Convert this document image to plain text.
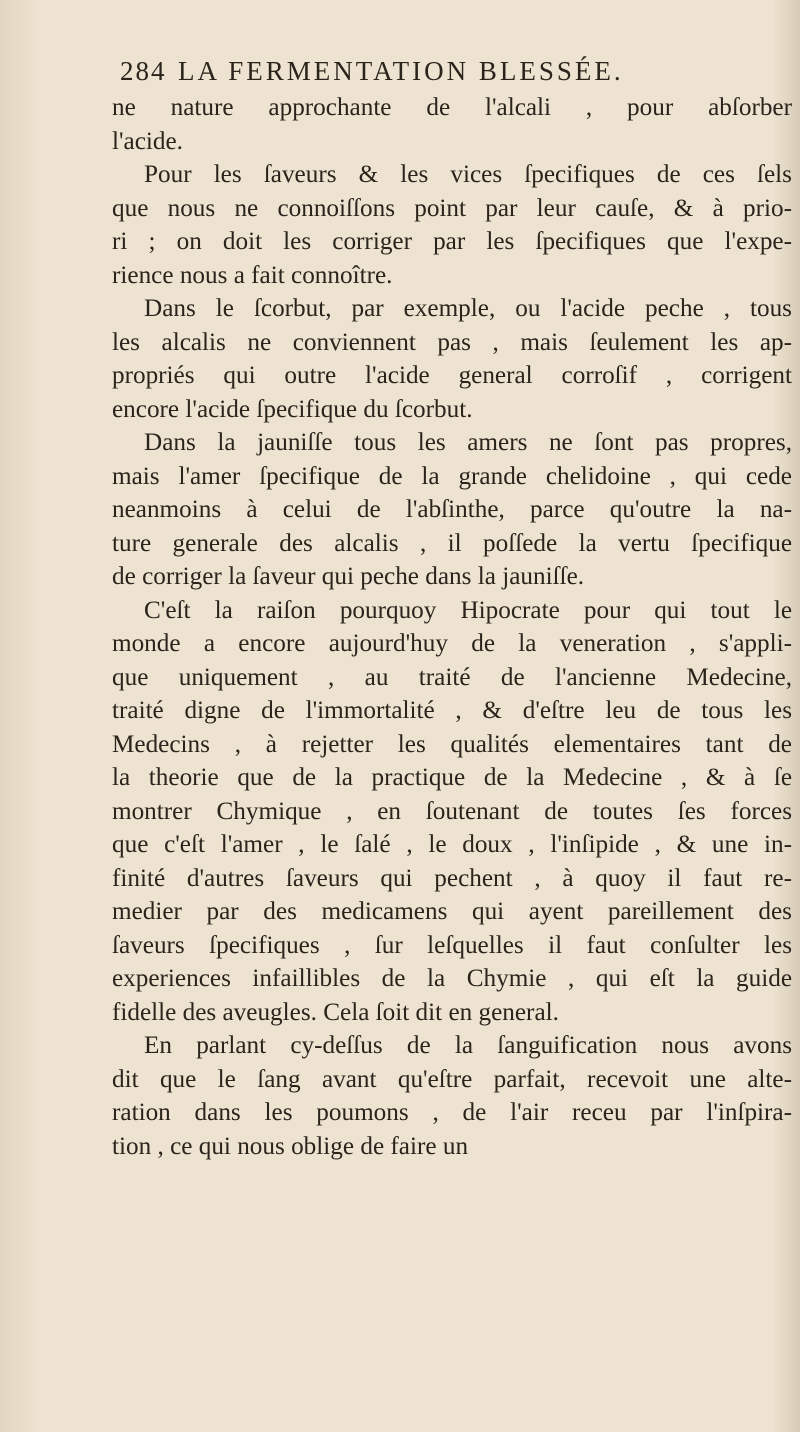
284 LA FERMENTATION BLESSÉE.
ne nature approchante de l'alcali , pour abſorber
l'acide.
Pour les ſaveurs & les vices ſpecifiques de ces ſels
que nous ne connoiſſons point par leur cauſe, & à prio-
ri ; on doit les corriger par les ſpecifiques que l'expe-
rience nous a fait connoître.
Dans le ſcorbut, par exemple, ou l'acide peche , tous
les alcalis ne conviennent pas , mais ſeulement les ap-
propriés qui outre l'acide general corroſif , corrigent
encore l'acide ſpecifique du ſcorbut.
Dans la jauniſſe tous les amers ne ſont pas propres,
mais l'amer ſpecifique de la grande chelidoine , qui cede
neanmoins à celui de l'abſinthe, parce qu'outre la na-
ture generale des alcalis , il poſſede la vertu ſpecifique
de corriger la ſaveur qui peche dans la jauniſſe.
C'eſt la raiſon pourquoy Hipocrate pour qui tout le
monde a encore aujourd'huy de la veneration , s'appli-
que uniquement , au traité de l'ancienne Medecine,
traité digne de l'immortalité , & d'eſtre leu de tous les
Medecins , à rejetter les qualités elementaires tant de
la theorie que de la practique de la Medecine , & à ſe
montrer Chymique , en ſoutenant de toutes ſes forces
que c'eſt l'amer , le ſalé , le doux , l'inſipide , & une in-
finité d'autres ſaveurs qui pechent , à quoy il faut re-
medier par des medicamens qui ayent pareillement des
ſaveurs ſpecifiques , ſur leſquelles il faut conſulter les
experiences infaillibles de la Chymie , qui eſt la guide
fidelle des aveugles. Cela ſoit dit en general.
En parlant cy-deſſus de la ſanguification nous avons
dit que le ſang avant qu'eſtre parfait, recevoit une alte-
ration dans les poumons , de l'air receu par l'inſpira-
tion , ce qui nous oblige de faire un
